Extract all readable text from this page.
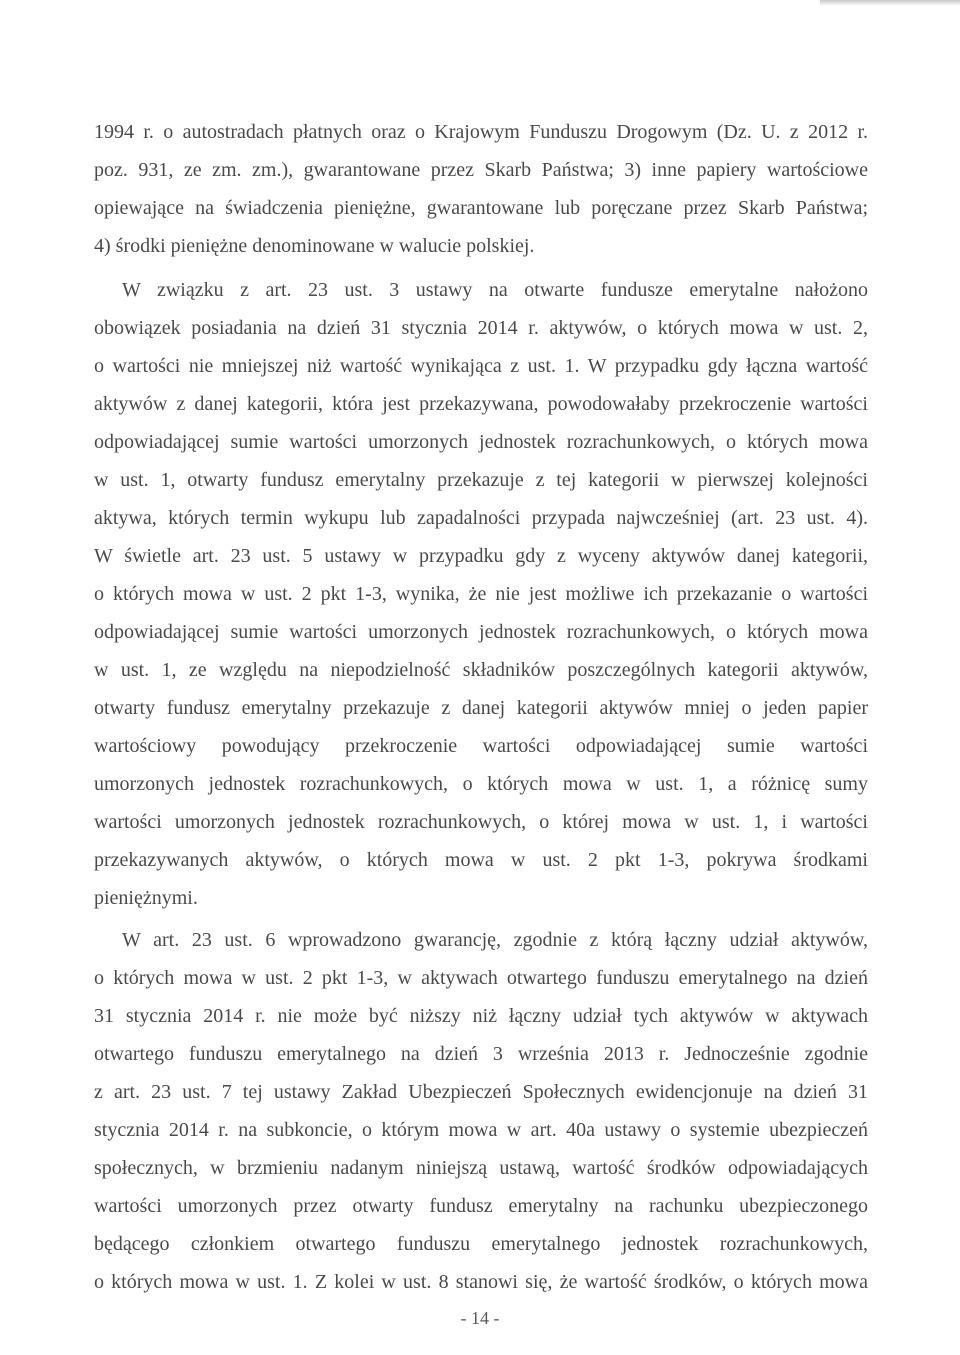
1994 r. o autostradach płatnych oraz o Krajowym Funduszu Drogowym (Dz. U. z 2012 r.
poz. 931, ze zm. zm.), gwarantowane przez Skarb Państwa; 3) inne papiery wartościowe
opiewające na świadczenia pieniężne, gwarantowane lub poręczane przez Skarb Państwa;
4) środki pieniężne denominowane w walucie polskiej.
W związku z art. 23 ust. 3 ustawy na otwarte fundusze emerytalne nałożono
obowiązek posiadania na dzień 31 stycznia 2014 r. aktywów, o których mowa w ust. 2,
o wartości nie mniejszej niż wartość wynikająca z ust. 1. W przypadku gdy łączna wartość
aktywów z danej kategorii, która jest przekazywana, powodowałaby przekroczenie wartości
odpowiadającej sumie wartości umorzonych jednostek rozrachunkowych, o których mowa
w ust. 1, otwarty fundusz emerytalny przekazuje z tej kategorii w pierwszej kolejności
aktywa, których termin wykupu lub zapadalności przypada najwcześniej (art. 23 ust. 4).
W świetle art. 23 ust. 5 ustawy w przypadku gdy z wyceny aktywów danej kategorii,
o których mowa w ust. 2 pkt 1-3, wynika, że nie jest możliwe ich przekazanie o wartości
odpowiadającej sumie wartości umorzonych jednostek rozrachunkowych, o których mowa
w ust. 1, ze względu na niepodzielność składników poszczególnych kategorii aktywów,
otwarty fundusz emerytalny przekazuje z danej kategorii aktywów mniej o jeden papier
wartościowy powodujący przekroczenie wartości odpowiadającej sumie wartości
umorzonych jednostek rozrachunkowych, o których mowa w ust. 1, a różnicę sumy
wartości umorzonych jednostek rozrachunkowych, o której mowa w ust. 1, i wartości
przekazywanych aktywów, o których mowa w ust. 2 pkt 1-3, pokrywa środkami
pieniężnymi.
W art. 23 ust. 6 wprowadzono gwarancję, zgodnie z którą łączny udział aktywów,
o których mowa w ust. 2 pkt 1-3, w aktywach otwartego funduszu emerytalnego na dzień
31 stycznia 2014 r. nie może być niższy niż łączny udział tych aktywów w aktywach
otwartego funduszu emerytalnego na dzień 3 września 2013 r. Jednocześnie zgodnie
z art. 23 ust. 7 tej ustawy Zakład Ubezpieczeń Społecznych ewidencjonuje na dzień 31
stycznia 2014 r. na subkoncie, o którym mowa w art. 40a ustawy o systemie ubezpieczeń
społecznych, w brzmieniu nadanym niniejszą ustawą, wartość środków odpowiadających
wartości umorzonych przez otwarty fundusz emerytalny na rachunku ubezpieczonego
będącego członkiem otwartego funduszu emerytalnego jednostek rozrachunkowych,
o których mowa w ust. 1. Z kolei w ust. 8 stanowi się, że wartość środków, o których mowa
- 14 -
